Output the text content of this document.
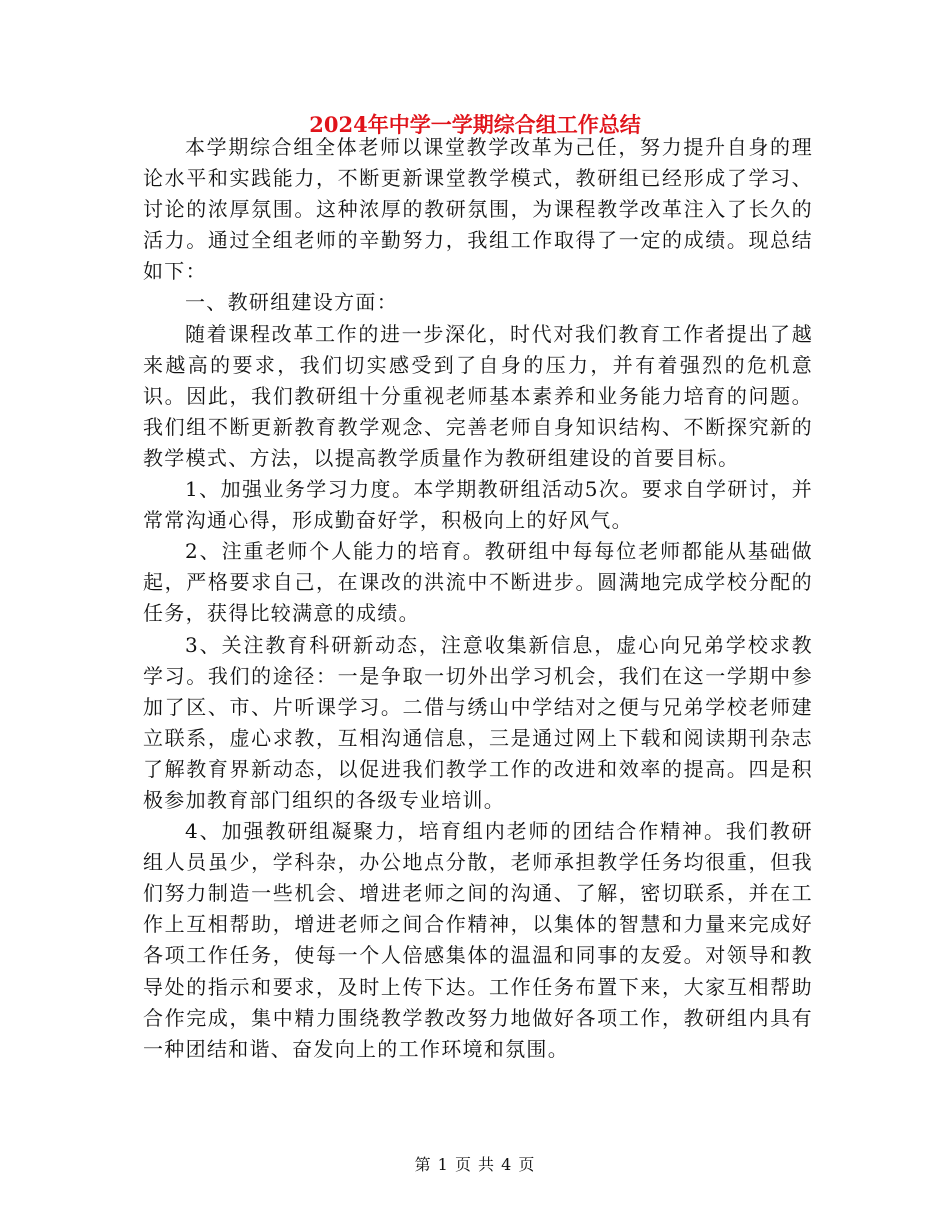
2024年中学一学期综合组工作总结

本学期综合组全体老师以课堂教学改革为己任，努力提升自身的理论水平和实践能力，不断更新课堂教学模式，教研组已经形成了学习、讨论的浓厚氛围。这种浓厚的教研氛围，为课程教学改革注入了长久的活力。通过全组老师的辛勤努力，我组工作取得了一定的成绩。现总结如下：

一、教研组建设方面：

随着课程改革工作的进一步深化，时代对我们教育工作者提出了越来越高的要求，我们切实感受到了自身的压力，并有着强烈的危机意识。因此，我们教研组十分重视老师基本素养和业务能力培育的问题。我们组不断更新教育教学观念、完善老师自身知识结构、不断探究新的教学模式、方法，以提高教学质量作为教研组建设的首要目标。

1、加强业务学习力度。本学期教研组活动5次。要求自学研讨，并常常沟通心得，形成勤奋好学，积极向上的好风气。

2、注重老师个人能力的培育。教研组中每每位老师都能从基础做起，严格要求自己，在课改的洪流中不断进步。圆满地完成学校分配的任务，获得比较满意的成绩。

3、关注教育科研新动态，注意收集新信息，虚心向兄弟学校求教学习。我们的途径：一是争取一切外出学习机会，我们在这一学期中参加了区、市、片听课学习。二借与绣山中学结对之便与兄弟学校老师建立联系，虚心求教，互相沟通信息，三是通过网上下载和阅读期刊杂志了解教育界新动态，以促进我们教学工作的改进和效率的提高。四是积极参加教育部门组织的各级专业培训。

4、加强教研组凝聚力，培育组内老师的团结合作精神。我们教研组人员虽少，学科杂，办公地点分散，老师承担教学任务均很重，但我们努力制造一些机会、增进老师之间的沟通、了解，密切联系，并在工作上互相帮助，增进老师之间合作精神，以集体的智慧和力量来完成好各项工作任务，使每一个人倍感集体的温温和同事的友爱。对领导和教导处的指示和要求，及时上传下达。工作任务布置下来，大家互相帮助合作完成，集中精力围绕教学教改努力地做好各项工作，教研组内具有一种团结和谐、奋发向上的工作环境和氛围。

第 1 页 共 4 页
